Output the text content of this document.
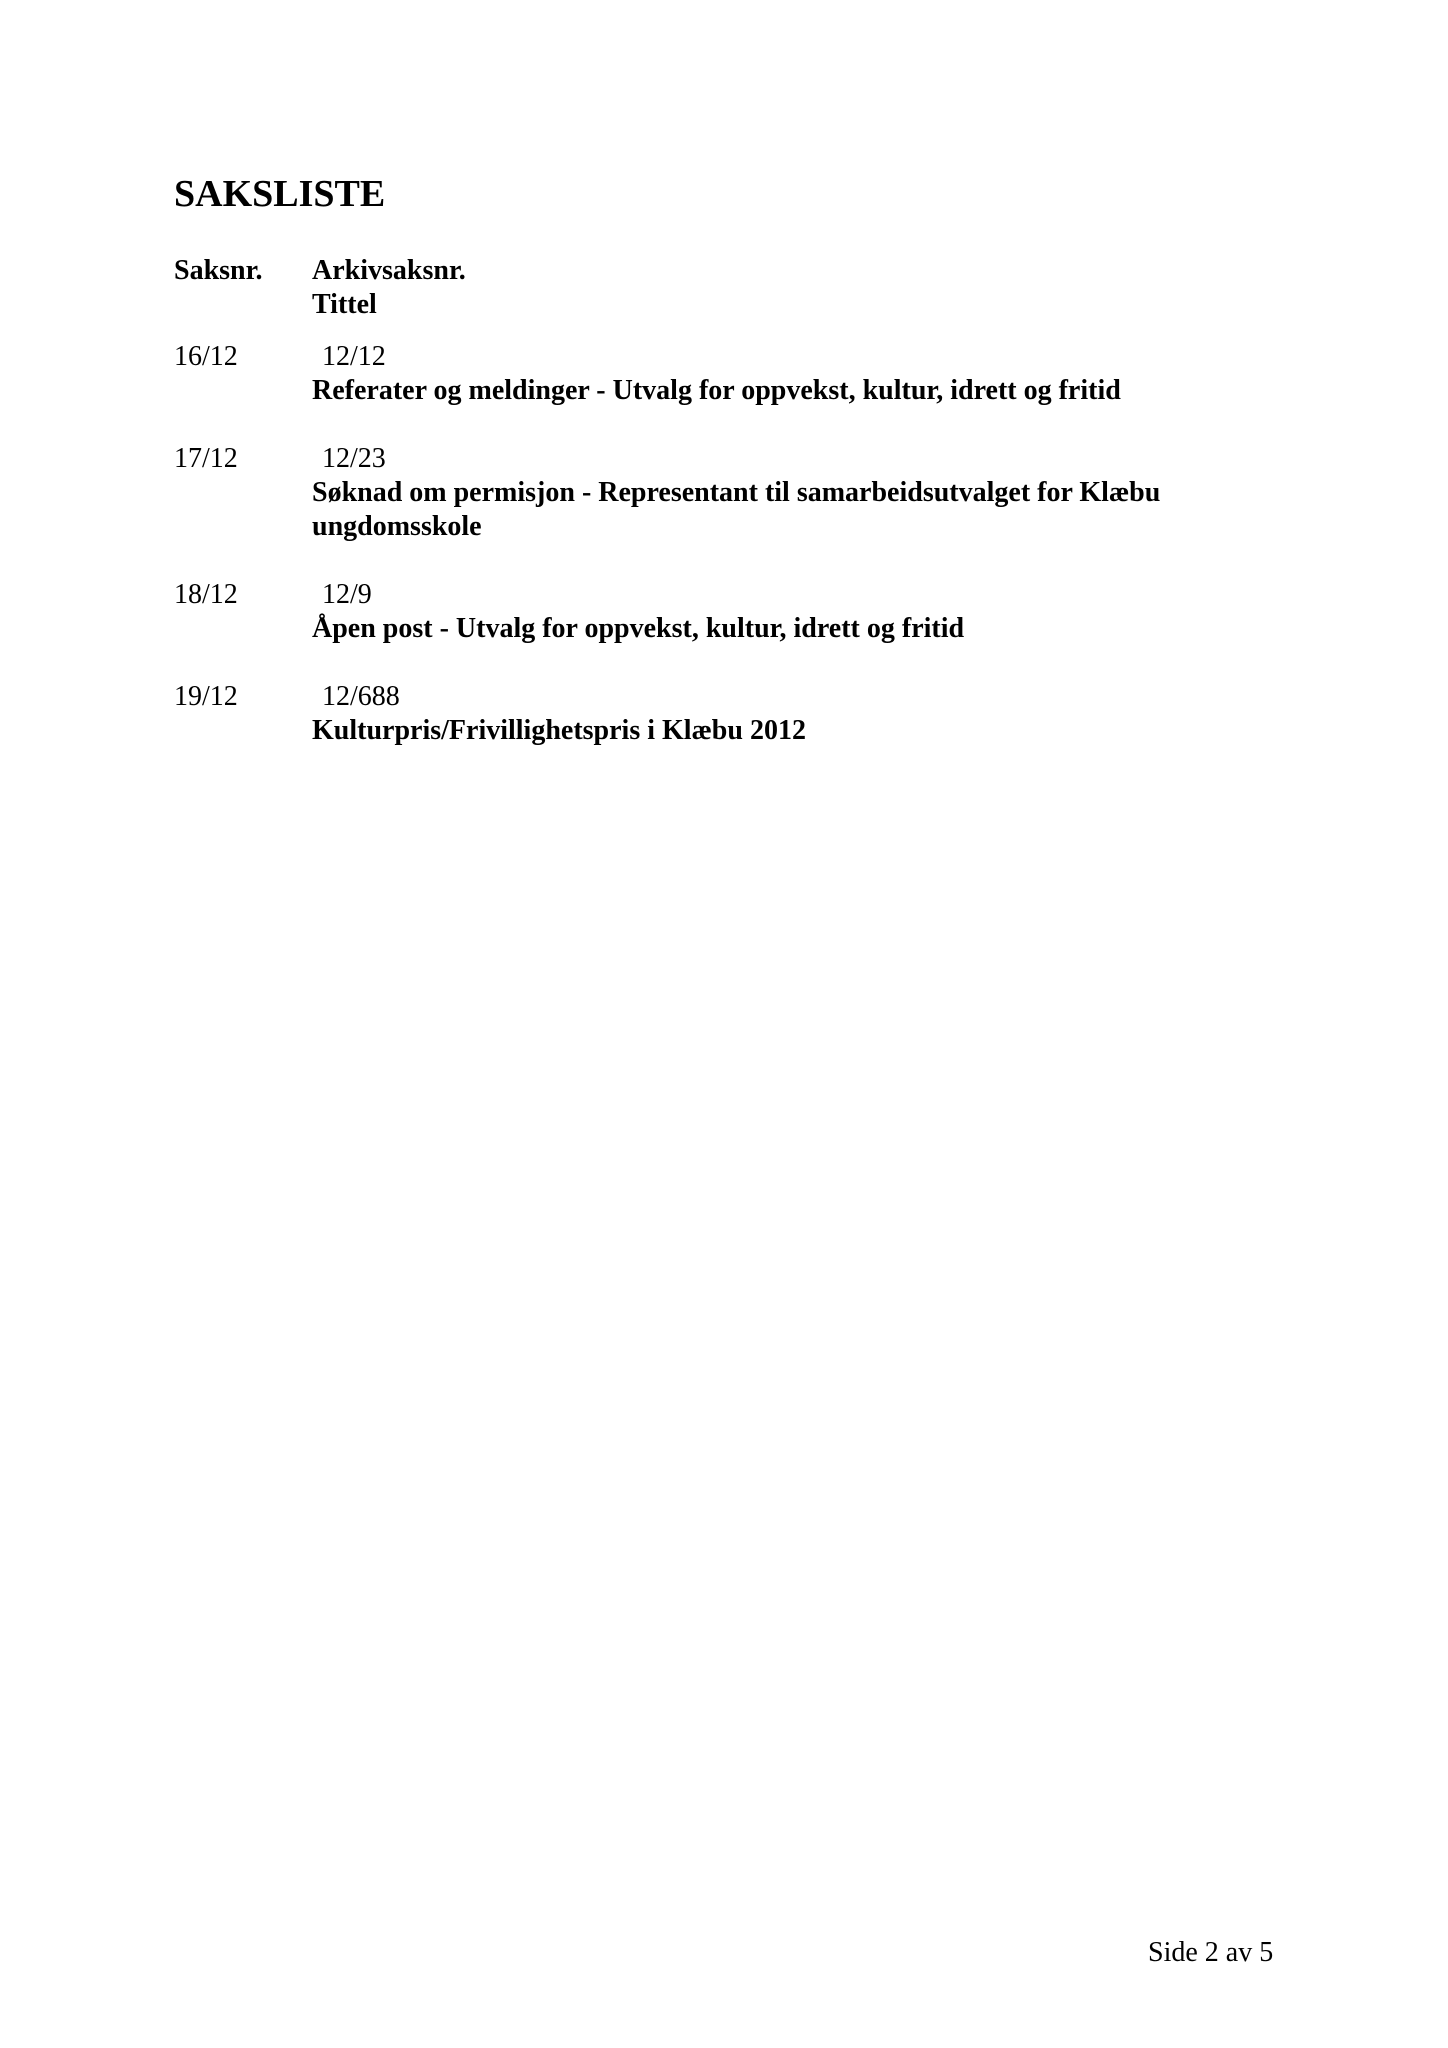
SAKSLISTE
Saksnr. Arkivsaksnr.
Tittel
16/12	12/12
Referater og meldinger - Utvalg for oppvekst, kultur, idrett og fritid
17/12	12/23
Søknad om permisjon - Representant til samarbeidsutvalget for Klæbu ungdomsskole
18/12	12/9
Åpen post - Utvalg for oppvekst, kultur, idrett og fritid
19/12	12/688
Kulturpris/Frivillighetspris i Klæbu 2012
Side 2 av 5
